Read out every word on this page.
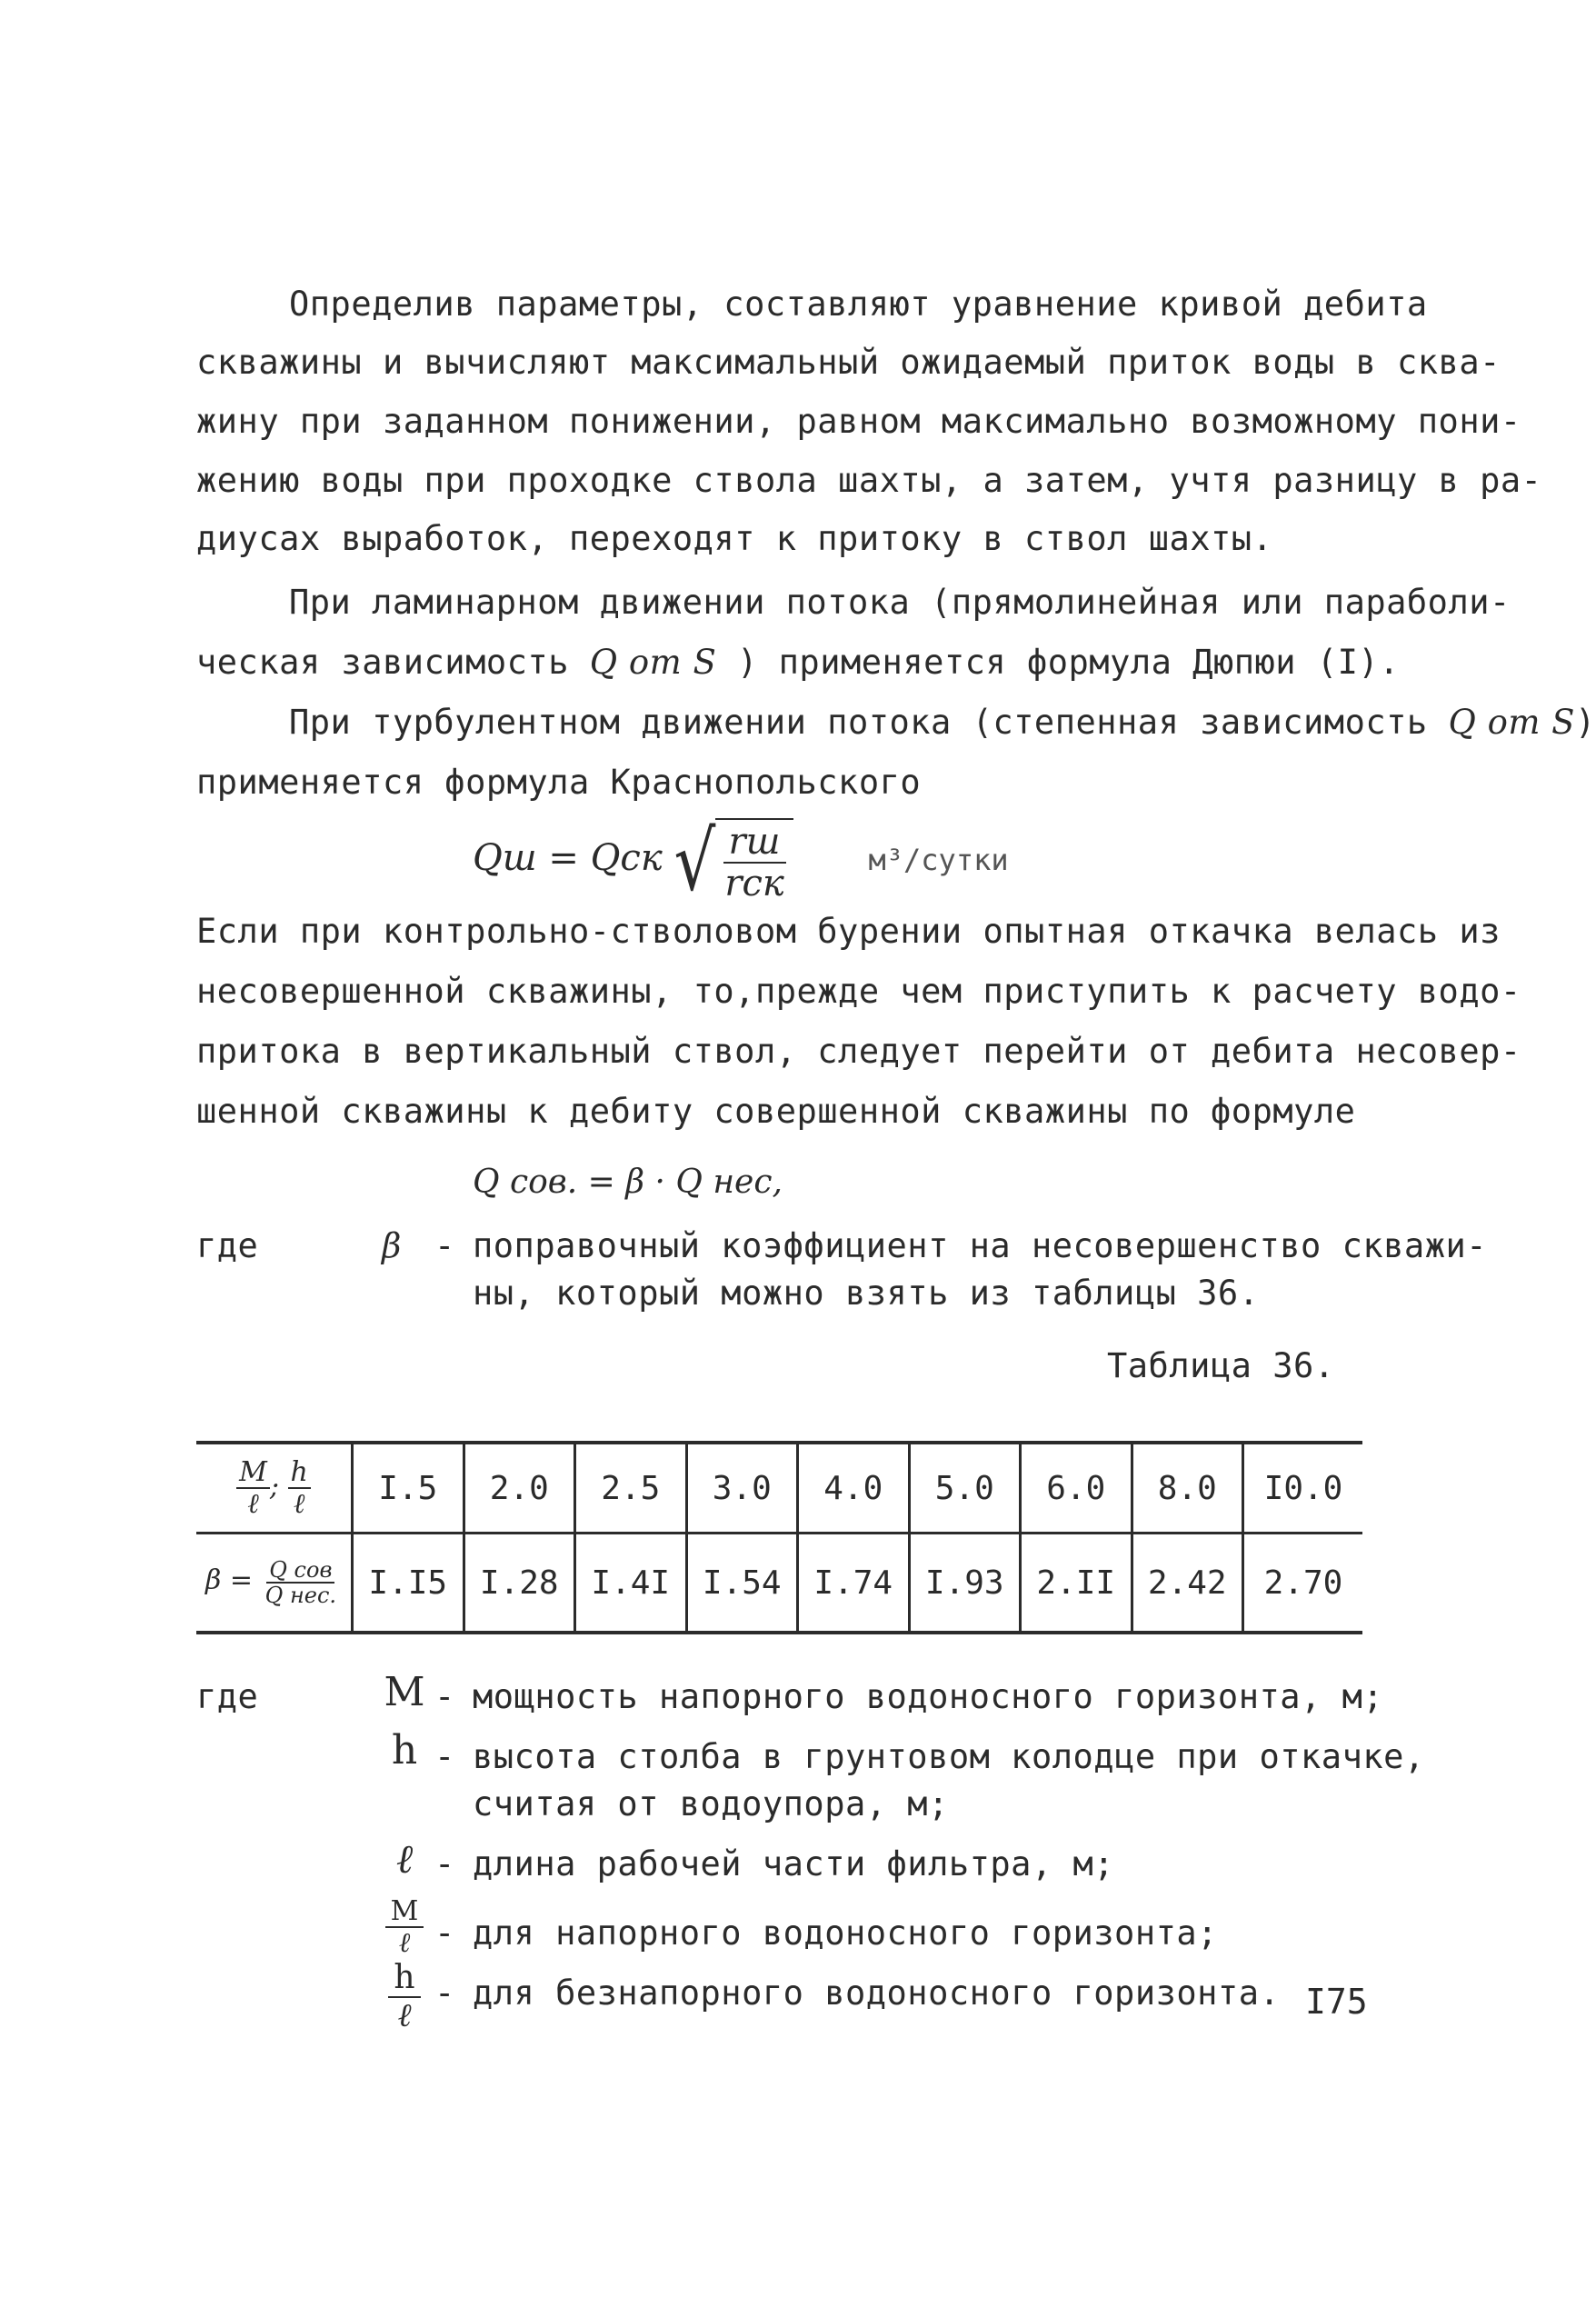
Определив параметры, составляют уравнение кривой дебита
скважины и вычисляют максимальный ожидаемый приток воды в сква-
жину при заданном понижении, равном максимально возможному пони-
жению воды при проходке ствола шахты, а затем, учтя разницу в ра-
диусах выработок, переходят к притоку в ствол шахты.
При ламинарном движении потока (прямолинейная или параболи-
ческая зависимость Q от S ) применяется формула Дюпюи (I).
При турбулентном движении потока (степенная зависимость Q от S)
применяется формула Краснопольского
Qш = Qск √ $\frac{rш}{\text{rск}}$	м³/сутки
Если при контрольно-стволовом бурении опытная откачка велась из
несовершенной скважины, то,прежде чем приступить к расчету водо-
притока в вертикальный ствол, следует перейти от дебита несовер-
шенной скважины к дебиту совершенной скважины по формуле
Q сов. = β · Q нес,
где	β - поправочный коэффициент на несовершенство скважи-
ны, который можно взять из таблицы 36.
Таблица 36.
$\frac{M}{\text{ℓ}}$ ; $\frac{h}{\text{ℓ}}$	I.5	2.0	2.5	3.0	4.0	5.0	6.0	8.0	I0.0
$\beta = \frac{\text{Q сов}}{\text{Q нес.}}$	I.I5	I.28	I.4I	I.54	I.74	I.93	2.II	2.42	2.70
где	M - мощность напорного водоносного горизонта, м;
h - высота столба в грунтовом колодце при откачке,
считая от водоупора, м;
ℓ - длина рабочей части фильтра, м;
$\frac{M}{\text{ℓ}}$ - для напорного водоносного горизонта;
$\frac{h}{\text{ℓ}}$ - для безнапорного водоносного горизонта. I75
